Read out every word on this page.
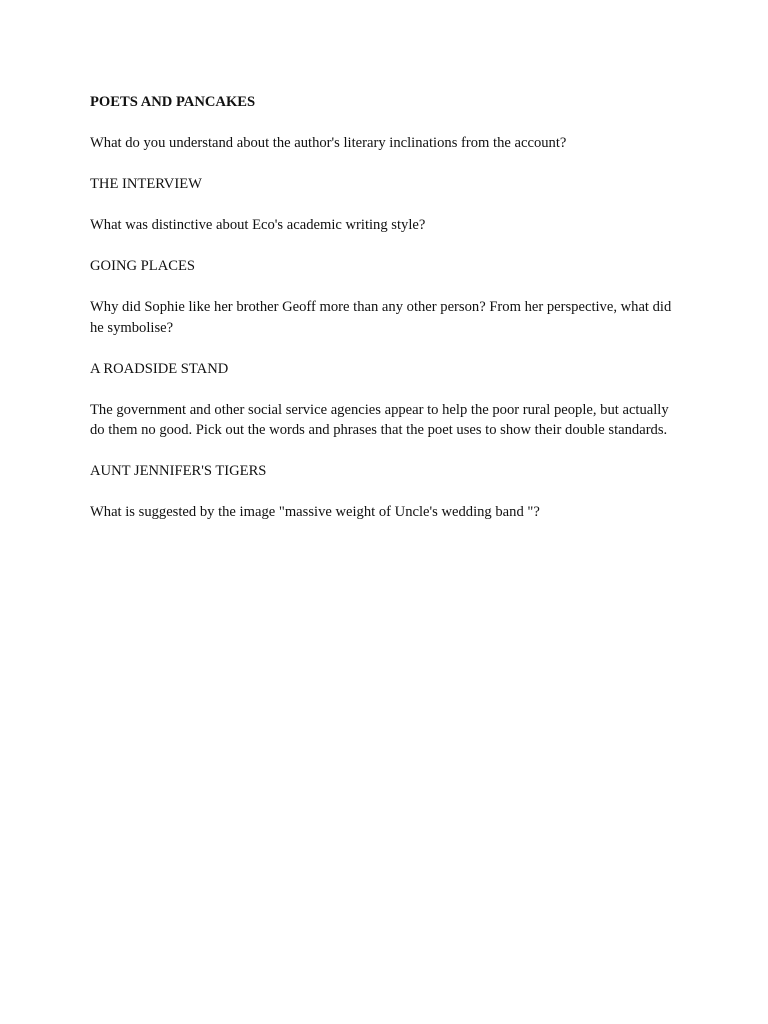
POETS AND PANCAKES

What do you understand about the author's literary inclinations from the account?

THE INTERVIEW

What was distinctive about Eco's academic writing style?

GOING PLACES

Why did Sophie like her brother Geoff more than any other person? From her perspective, what did he symbolise?

A ROADSIDE STAND

The government and other social service agencies appear to help the poor rural people, but actually do them no good. Pick out the words and phrases that the poet uses to show their double standards.

AUNT JENNIFER'S TIGERS

What is suggested by the image "massive weight of Uncle's wedding band "?
